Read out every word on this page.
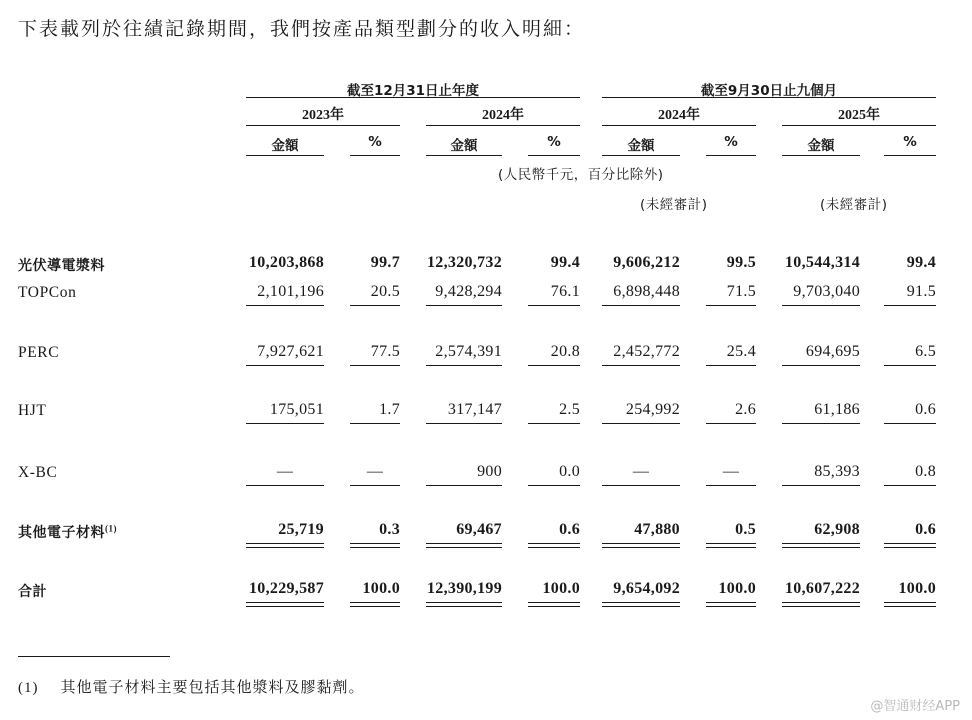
下表載列於往績記錄期間，我們按產品類型劃分的收入明細：
截至12月31日止年度	截至9月30日止九個月
2023年	2024年	2024年	2025年
金額	%	金額	%	金額	%	金額	%
(人民幣千元，百分比除外)
(未經審計)	(未經審計)
光伏導電漿料	10,203,868	99.7	12,320,732	99.4	9,606,212	99.5	10,544,314	99.4
TOPCon	2,101,196	20.5	9,428,294	76.1	6,898,448	71.5	9,703,040	91.5
PERC	7,927,621	77.5	2,574,391	20.8	2,452,772	25.4	694,695	6.5
HJT	175,051	1.7	317,147	2.5	254,992	2.6	61,186	0.6
X-BC	—	—	900	0.0	—	—	85,393	0.8
其他電子材料$^{(1)}$	25,719	0.3	69,467	0.6	47,880	0.5	62,908	0.6
合計	10,229,587	100.0	12,390,199	100.0	9,654,092	100.0	10,607,222	100.0
(1) 其他電子材料主要包括其他漿料及膠黏劑。
@智通财经APP
